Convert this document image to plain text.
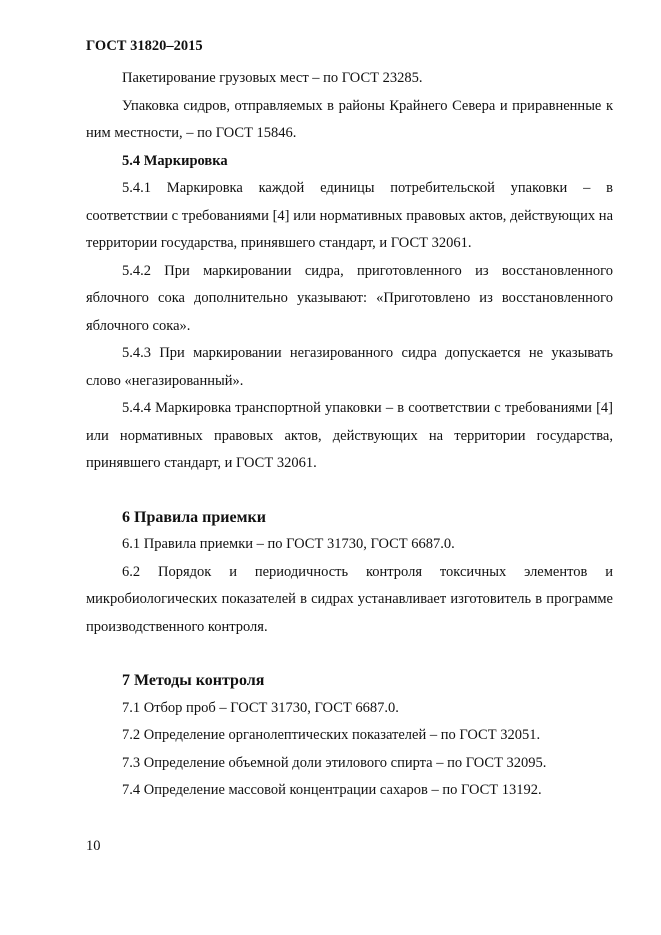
ГОСТ 31820–2015

Пакетирование грузовых мест – по ГОСТ 23285.

Упаковка сидров, отправляемых в районы Крайнего Севера и приравненные к ним местности, – по ГОСТ 15846.

5.4 Маркировка

5.4.1 Маркировка каждой единицы потребительской упаковки – в соответствии с требованиями [4] или нормативных правовых актов, действующих на территории государства, принявшего стандарт, и ГОСТ 32061.

5.4.2 При маркировании сидра, приготовленного из восстановленного яблочного сока дополнительно указывают: «Приготовлено из восстановленного яблочного сока».

5.4.3 При маркировании негазированного сидра допускается не указывать слово «негазированный».

5.4.4 Маркировка транспортной упаковки – в соответствии с требованиями [4] или нормативных правовых актов, действующих на территории государства, принявшего стандарт, и ГОСТ 32061.

6 Правила приемки

6.1 Правила приемки – по ГОСТ 31730, ГОСТ 6687.0.

6.2 Порядок и периодичность контроля токсичных элементов и микробиологических показателей в сидрах устанавливает изготовитель в программе производственного контроля.

7 Методы контроля

7.1 Отбор проб – ГОСТ 31730, ГОСТ 6687.0.

7.2 Определение органолептических показателей – по ГОСТ 32051.

7.3 Определение объемной доли этилового спирта – по ГОСТ 32095.

7.4 Определение массовой концентрации сахаров – по ГОСТ 13192.

10
